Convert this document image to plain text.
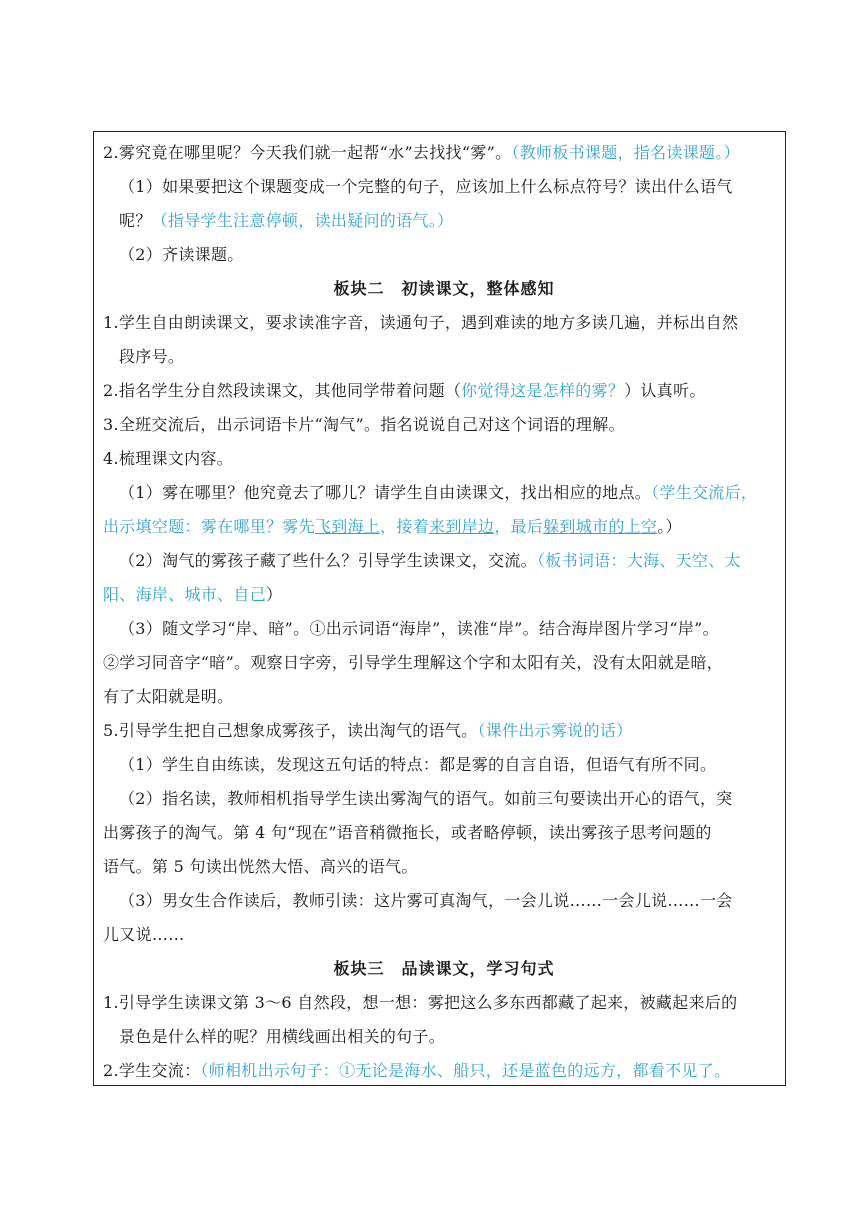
2.雾究竟在哪里呢？今天我们就一起帮“水”去找找“雾”。（教师板书课题，指名读课题。）

（1）如果要把这个课题变成一个完整的句子，应该加上什么标点符号？读出什么语气

呢？（指导学生注意停顿，读出疑问的语气。）

（2）齐读课题。

板块二　初读课文，整体感知

1.学生自由朗读课文，要求读准字音，读通句子，遇到难读的地方多读几遍，并标出自然

段序号。

2.指名学生分自然段读课文，其他同学带着问题（你觉得这是怎样的雾？）认真听。

3.全班交流后，出示词语卡片“淘气”。指名说说自己对这个词语的理解。

4.梳理课文内容。

（1）雾在哪里？他究竟去了哪儿？请学生自由读课文，找出相应的地点。（学生交流后，

出示填空题：雾在哪里？雾先飞到海上，接着来到岸边，最后躲到城市的上空。）

（2）淘气的雾孩子藏了些什么？引导学生读课文，交流。（板书词语：大海、天空、太

阳、海岸、城市、自己）

（3）随文学习“岸、暗”。①出示词语“海岸”，读准“岸”。结合海岸图片学习“岸”。

②学习同音字“暗”。观察日字旁，引导学生理解这个字和太阳有关，没有太阳就是暗，

有了太阳就是明。

5.引导学生把自己想象成雾孩子，读出淘气的语气。（课件出示雾说的话）

（1）学生自由练读，发现这五句话的特点：都是雾的自言自语，但语气有所不同。

（2）指名读，教师相机指导学生读出雾淘气的语气。如前三句要读出开心的语气，突

出雾孩子的淘气。第 4 句“现在”语音稍微拖长，或者略停顿，读出雾孩子思考问题的

语气。第 5 句读出恍然大悟、高兴的语气。

（3）男女生合作读后，教师引读：这片雾可真淘气，一会儿说……一会儿说……一会

儿又说……

板块三　品读课文，学习句式

1.引导学生读课文第 3～6 自然段，想一想：雾把这么多东西都藏了起来，被藏起来后的

景色是什么样的呢？用横线画出相关的句子。

2.学生交流：（师相机出示句子：①无论是海水、船只，还是蓝色的远方，都看不见了。
